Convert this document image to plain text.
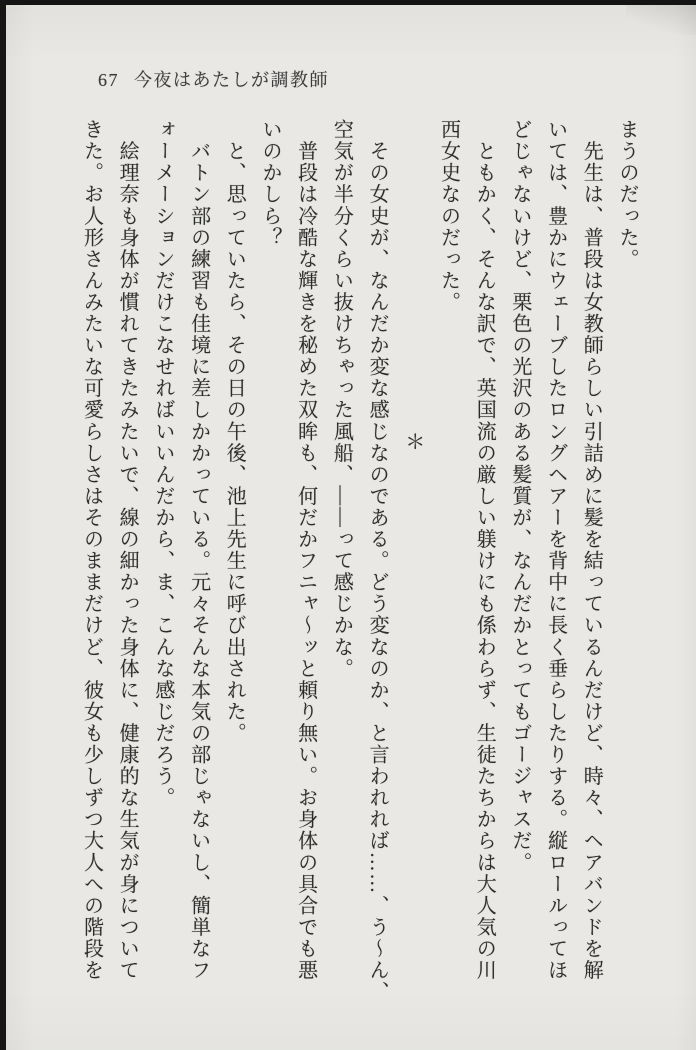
67 今夜はあたしが調教師
まうのだった。
　先生は、普段は女教師らしい引詰めに髪を結っているんだけど、時々、ヘアバンドを解
いては、豊かにウェーブしたロングヘアーを背中に長く垂らしたりする。縦ロールってほ
どじゃないけど、栗色の光沢のある髪質が、なんだかとってもゴージャスだ。
　ともかく、そんな訳で、英国流の厳しい躾けにも係わらず、生徒たちからは大人気の川
西女史なのだった。
＊
　その女史が、なんだか変な感じなのである。どう変なのか、と言われれば……、う～ん、
空気が半分くらい抜けちゃった風船、――って感じかな。
　普段は冷酷な輝きを秘めた双眸も、何だかフニャ～ッと頼り無い。お身体の具合でも悪
いのかしら？
　と、思っていたら、その日の午後、池上先生に呼び出された。
　バトン部の練習も佳境に差しかかっている。元々そんな本気の部じゃないし、簡単なフ
ォーメーションだけこなせればいいんだから、ま、こんな感じだろう。
　絵理奈も身体が慣れてきたみたいで、線の細かった身体に、健康的な生気が身について
きた。お人形さんみたいな可愛らしさはそのままだけど、彼女も少しずつ大人への階段を
